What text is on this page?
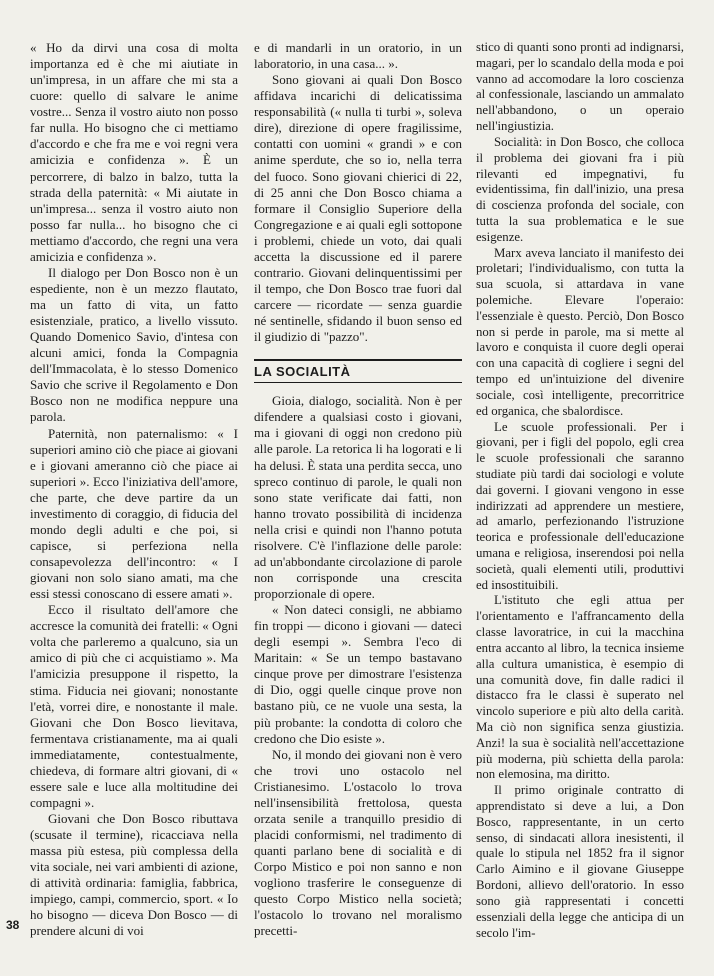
« Ho da dirvi una cosa di molta importanza ed è che mi aiutiate in un'impresa, in un affare che mi sta a cuore: quello di salvare le anime vostre... Senza il vostro aiuto non posso far nulla. Ho bisogno che ci mettiamo d'accordo e che fra me e voi regni vera amicizia e confidenza ». È un percorrere, di balzo in balzo, tutta la strada della paternità: « Mi aiutate in un'impresa... senza il vostro aiuto non posso far nulla... ho bisogno che ci mettiamo d'accordo, che regni una vera amicizia e confidenza ».

Il dialogo per Don Bosco non è un espediente, non è un mezzo flautato, ma un fatto di vita, un fatto esistenziale, pratico, a livello vissuto. Quando Domenico Savio, d'intesa con alcuni amici, fonda la Compagnia dell'Immacolata, è lo stesso Domenico Savio che scrive il Regolamento e Don Bosco non ne modifica neppure una parola.

Paternità, non paternalismo: « I superiori amino ciò che piace ai giovani e i giovani ameranno ciò che piace ai superiori ». Ecco l'iniziativa dell'amore, che parte, che deve partire da un investimento di coraggio, di fiducia del mondo degli adulti e che poi, si capisce, si perfeziona nella consapevolezza dell'incontro: « I giovani non solo siano amati, ma che essi stessi conoscano di essere amati ».

Ecco il risultato dell'amore che accresce la comunità dei fratelli: « Ogni volta che parleremo a qualcuno, sia un amico di più che ci acquistiamo ». Ma l'amicizia presuppone il rispetto, la stima. Fiducia nei giovani; nonostante l'età, vorrei dire, e nonostante il male. Giovani che Don Bosco lievitava, fermentava cristianamente, ma ai quali immediatamente, contestualmente, chiedeva, di formare altri giovani, di « essere sale e luce alla moltitudine dei compagni ».

Giovani che Don Bosco ributtava (scusate il termine), ricacciava nella massa più estesa, più complessa della vita sociale, nei vari ambienti di azione, di attività ordinaria: famiglia, fabbrica, impiego, campi, commercio, sport. « Io ho bisogno — diceva Don Bosco — di prendere alcuni di voi

e di mandarli in un oratorio, in un laboratorio, in una casa... ».

Sono giovani ai quali Don Bosco affidava incarichi di delicatissima responsabilità (« nulla ti turbi », soleva dire), direzione di opere fragilissime, contatti con uomini « grandi » e con anime sperdute, che so io, nella terra del fuoco. Sono giovani chierici di 22, di 25 anni che Don Bosco chiama a formare il Consiglio Superiore della Congregazione e ai quali egli sottopone i problemi, chiede un voto, dai quali accetta la discussione ed il parere contrario. Giovani delinquentissimi per il tempo, che Don Bosco trae fuori dal carcere — ricordate — senza guardie né sentinelle, sfidando il buon senso ed il giudizio di "pazzo".

LA SOCIALITÀ

Gioia, dialogo, socialità. Non è per difendere a qualsiasi costo i giovani, ma i giovani di oggi non credono più alle parole. La retorica li ha logorati e li ha delusi. È stata una perdita secca, uno spreco continuo di parole, le quali non sono state verificate dai fatti, non hanno trovato possibilità di incidenza nella crisi e quindi non l'hanno potuta risolvere. C'è l'inflazione delle parole: ad un'abbondante circolazione di parole non corrisponde una crescita proporzionale di opere.

« Non dateci consigli, ne abbiamo fin troppi — dicono i giovani — dateci degli esempi ». Sembra l'eco di Maritain: « Se un tempo bastavano cinque prove per dimostrare l'esistenza di Dio, oggi quelle cinque prove non bastano più, ce ne vuole una sesta, la più probante: la condotta di coloro che credono che Dio esiste ».

No, il mondo dei giovani non è vero che trovi uno ostacolo nel Cristianesimo. L'ostacolo lo trova nell'insensibilità frettolosa, questa orzata senile a tranquillo presidio di placidi conformismi, nel tradimento di quanti parlano bene di socialità e di Corpo Mistico e poi non sanno e non vogliono trasferire le conseguenze di questo Corpo Mistico nella società; l'ostacolo lo trovano nel moralismo precetti-

stico di quanti sono pronti ad indignarsi, magari, per lo scandalo della moda e poi vanno ad accomodare la loro coscienza al confessionale, lasciando un ammalato nell'abbandono, o un operaio nell'ingiustizia.

Socialità: in Don Bosco, che colloca il problema dei giovani fra i più rilevanti ed impegnativi, fu evidentissima, fin dall'inizio, una presa di coscienza profonda del sociale, con tutta la sua problematica e le sue esigenze.

Marx aveva lanciato il manifesto dei proletari; l'individualismo, con tutta la sua scuola, si attardava in vane polemiche. Elevare l'operaio: l'essenziale è questo. Perciò, Don Bosco non si perde in parole, ma si mette al lavoro e conquista il cuore degli operai con una capacità di cogliere i segni del tempo ed un'intuizione del divenire sociale, così intelligente, precorritrice ed organica, che sbalordisce.

Le scuole professionali. Per i giovani, per i figli del popolo, egli crea le scuole professionali che saranno studiate più tardi dai sociologi e volute dai governi. I giovani vengono in esse indirizzati ad apprendere un mestiere, ad amarlo, perfezionando l'istruzione teorica e professionale dell'educazione umana e religiosa, inserendosi poi nella società, quali elementi utili, produttivi ed insostituibili.

L'istituto che egli attua per l'orientamento e l'affrancamento della classe lavoratrice, in cui la macchina entra accanto al libro, la tecnica insieme alla cultura umanistica, è esempio di una comunità dove, fin dalle radici il distacco fra le classi è superato nel vincolo superiore e più alto della carità. Ma ciò non significa senza giustizia. Anzi! la sua è socialità nell'accettazione più moderna, più schietta della parola: non elemosina, ma diritto.

Il primo originale contratto di apprendistato si deve a lui, a Don Bosco, rappresentante, in un certo senso, di sindacati allora inesistenti, il quale lo stipula nel 1852 fra il signor Carlo Aimino e il giovane Giuseppe Bordoni, allievo dell'oratorio. In esso sono già rappresentati i concetti essenziali della legge che anticipa di un secolo l'im-

38
